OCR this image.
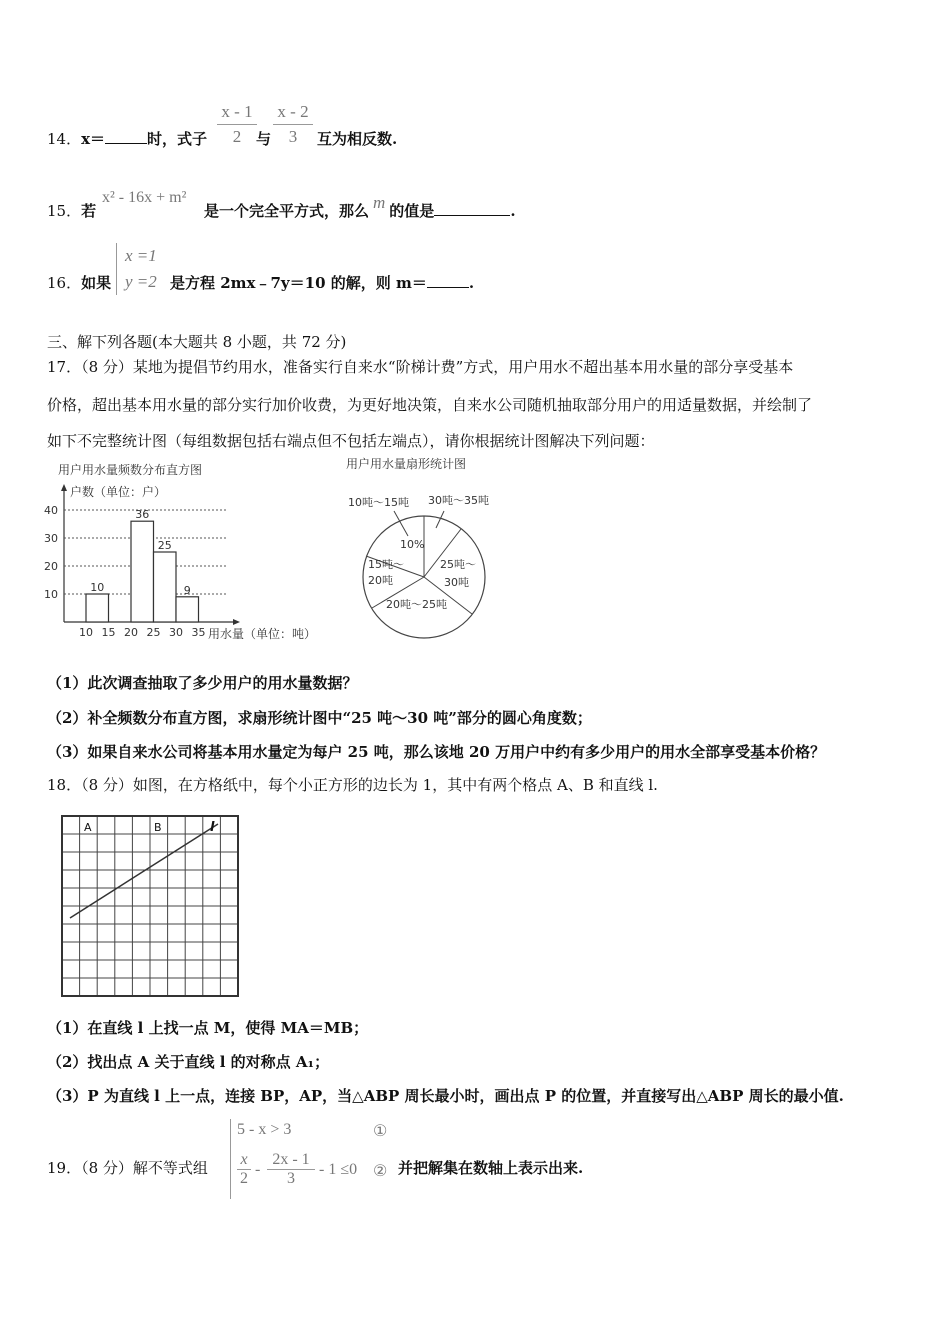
14．x＝	时，式子
x - 1
2 与
x - 2
3	互为相反数.
15．若
x² - 16x + m²
是一个完全平方式，那么 m 的值是	.
16．如果
x =1
y =2 是方程 2mx﹣7y＝10 的解，则 m＝	.
三、解下列各题(本大题共 8 小题，共 72 分)
17．（8 分）某地为提倡节约用水，准备实行自来水“阶梯计费”方式，用户用水不超出基本用水量的部分享受基本
价格，超出基本用水量的部分实行加价收费，为更好地决策，自来水公司随机抽取部分用户的用适量数据，并绘制了
如下不完整统计图（每组数据包括右端点但不包括左端点），请你根据统计图解决下列问题：
用户用水量频数分布直方图
户数（单位：户）
用水量（单位：吨）
10
20
30
40
10
36
25
9
10 15 20 25 30 35
用户用水量扇形统计图
10吨～15吨 30吨～35吨
10%
15吨～
20吨
25吨～
30吨
20吨～25吨
（1）此次调查抽取了多少用户的用水量数据？
（2）补全频数分布直方图，求扇形统计图中“25 吨～30 吨”部分的圆心角度数；
（3）如果自来水公司将基本用水量定为每户 25 吨，那么该地 20 万用户中约有多少用户的用水全部享受基本价格？
18．（8 分）如图，在方格纸中，每个小正方形的边长为 1，其中有两个格点 A、B 和直线 l.
A	B	l
（1）在直线 l 上找一点 M，使得 MA＝MB；
（2）找出点 A 关于直线 l 的对称点 A₁；
（3）P 为直线 l 上一点，连接 BP，AP，当△ABP 周长最小时，画出点 P 的位置，并直接写出△ABP 周长的最小值.
19．（8 分）解不等式组
5 - x > 3	①
x
2
-
2x - 1
3
- 1 ≤0 ② 并把解集在数轴上表示出来.
